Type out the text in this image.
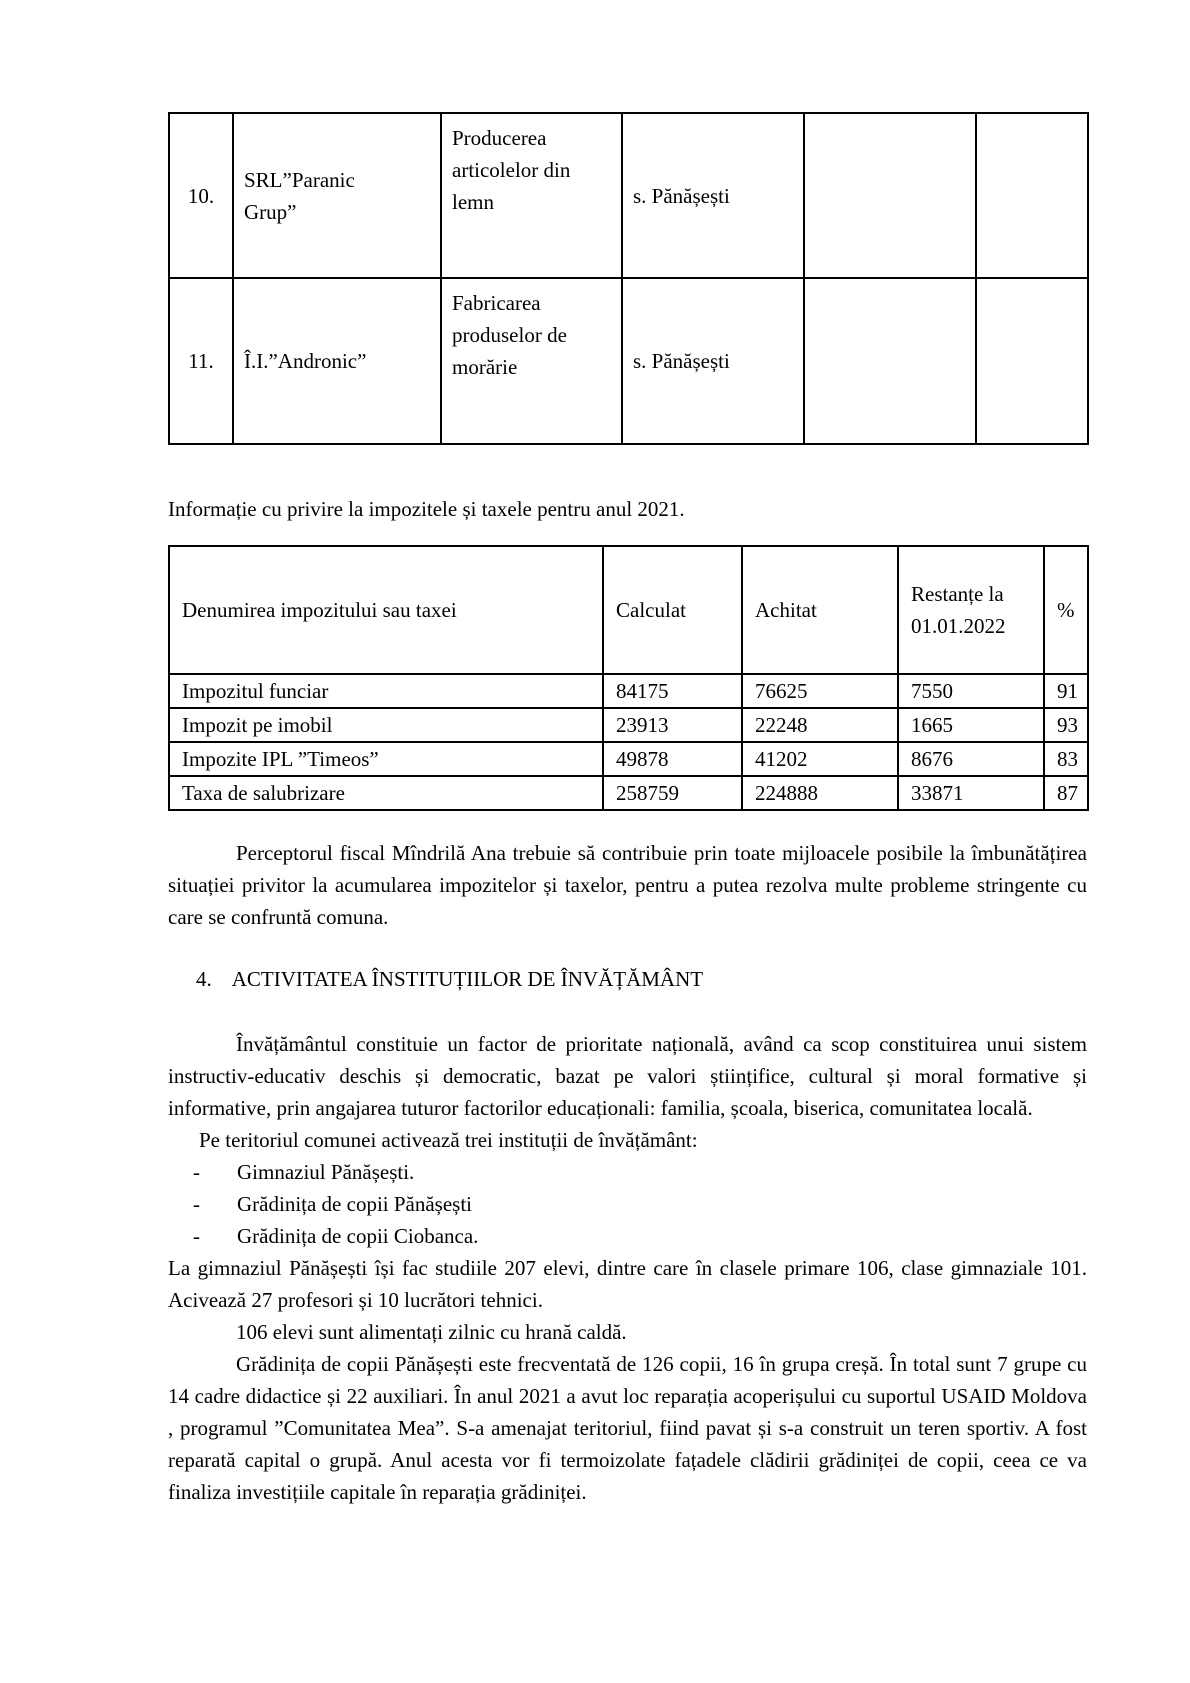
10.	SRL”Paranic Grup”	Producerea articolelor din lemn	s. Pănășești		
11.	Î.I.”Andronic”	Fabricarea produselor de morărie	s. Pănășești		

Informație cu privire la impozitele și taxele pentru anul 2021.

Denumirea impozitului sau taxei	Calculat	Achitat	Restanțe la 01.01.2022	%
Impozitul funciar	84175	76625	7550	91
Impozit pe imobil	23913	22248	1665	93
Impozite IPL ”Timeos”	49878	41202	8676	83
Taxa de salubrizare	258759	224888	33871	87

Perceptorul fiscal Mîndrilă Ana trebuie să contribuie prin toate mijloacele posibile la îmbunătățirea situației privitor la acumularea impozitelor și taxelor, pentru a putea rezolva multe probleme stringente cu care se confruntă comuna.

4. ACTIVITATEA ÎNSTITUȚIILOR DE ÎNVĂȚĂMÂNT

Învățământul constituie un factor de prioritate națională, având ca scop constituirea unui sistem instructiv-educativ deschis și democratic, bazat pe valori științifice, cultural și moral formative și informative, prin angajarea tuturor factorilor educaționali: familia, școala, biserica, comunitatea locală.

Pe teritoriul comunei activează trei instituții de învățământ:

- Gimnaziul Pănășești.
- Grădinița de copii Pănășești
- Grădinița de copii Ciobanca.

La gimnaziul Pănășești își fac studiile 207 elevi, dintre care în clasele primare 106, clase gimnaziale 101. Acivează 27 profesori și 10 lucrători tehnici.

106 elevi sunt alimentați zilnic cu hrană caldă.

Grădinița de copii Pănășești este frecventată de 126 copii, 16 în grupa creșă. În total sunt 7 grupe cu 14 cadre didactice și 22 auxiliari. În anul 2021 a avut loc reparația acoperișului cu suportul USAID Moldova , programul ”Comunitatea Mea”. S-a amenajat teritoriul, fiind pavat și s-a construit un teren sportiv. A fost reparată capital o grupă. Anul acesta vor fi termoizolate fațadele clădirii grădiniței de copii, ceea ce va finaliza investițiile capitale în reparația grădiniței.
